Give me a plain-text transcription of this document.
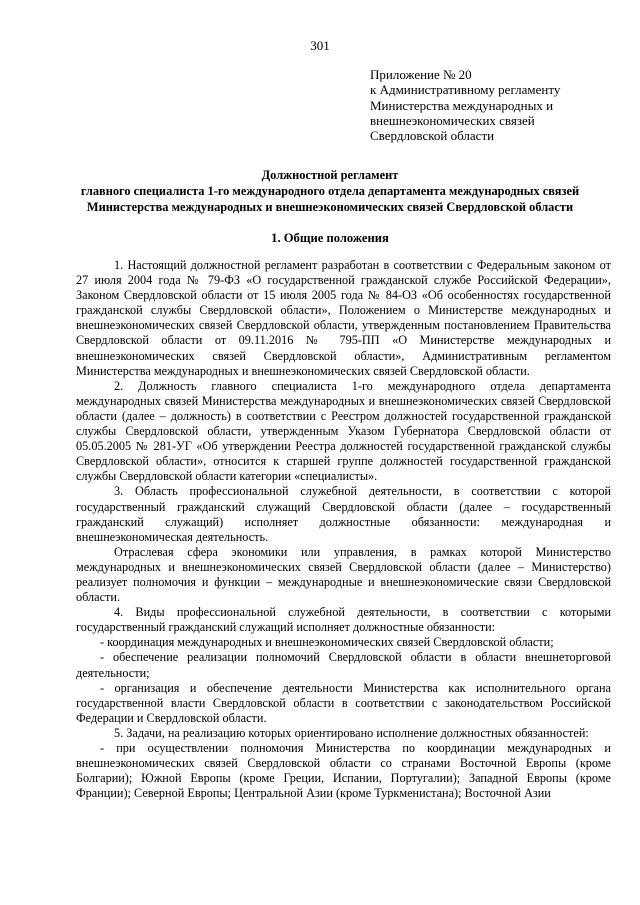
301
Приложение № 20
к Административному регламенту
Министерства международных и
внешнеэкономических связей
Свердловской области
Должностной регламент
главного специалиста 1-го международного отдела департамента международных связей
Министерства международных и внешнеэкономических связей Свердловской области
1. Общие положения

1. Настоящий должностной регламент разработан в соответствии с Федеральным законом от 27 июля 2004 года № 79-ФЗ «О государственной гражданской службе Российской Федерации», Законом Свердловской области от 15 июля 2005 года № 84-ОЗ «Об особенностях государственной гражданской службы Свердловской области», Положением о Министерстве международных и внешнеэкономических связей Свердловской области, утвержденным постановлением Правительства Свердловской области от 09.11.2016 № 795-ПП «О Министерстве международных и внешнеэкономических связей Свердловской области», Административным регламентом Министерства международных и внешнеэкономических связей Свердловской области.

2. Должность главного специалиста 1-го международного отдела департамента международных связей Министерства международных и внешнеэкономических связей Свердловской области (далее – должность) в соответствии с Реестром должностей государственной гражданской службы Свердловской области, утвержденным Указом Губернатора Свердловской области от 05.05.2005 № 281-УГ «Об утверждении Реестра должностей государственной гражданской службы Свердловской области», относится к старшей группе должностей государственной гражданской службы Свердловской области категории «специалисты».

3. Область профессиональной служебной деятельности, в соответствии с которой государственный гражданский служащий Свердловской области (далее – государственный гражданский служащий) исполняет должностные обязанности: международная и внешнеэкономическая деятельность.

Отраслевая сфера экономики или управления, в рамках которой Министерство международных и внешнеэкономических связей Свердловской области (далее – Министерство) реализует полномочия и функции – международные и внешнеэкономические связи Свердловской области.

4. Виды профессиональной служебной деятельности, в соответствии с которыми государственный гражданский служащий исполняет должностные обязанности:

- координация международных и внешнеэкономических связей Свердловской области;

- обеспечение реализации полномочий Свердловской области в области внешнеторговой деятельности;

- организация и обеспечение деятельности Министерства как исполнительного органа государственной власти Свердловской области в соответствии с законодательством Российской Федерации и Свердловской области.

5. Задачи, на реализацию которых ориентировано исполнение должностных обязанностей:

- при осуществлении полномочия Министерства по координации международных и внешнеэкономических связей Свердловской области со странами Восточной Европы (кроме Болгарии); Южной Европы (кроме Греции, Испании, Португалии); Западной Европы (кроме Франции); Северной Европы; Центральной Азии (кроме Туркменистана); Восточной Азии
